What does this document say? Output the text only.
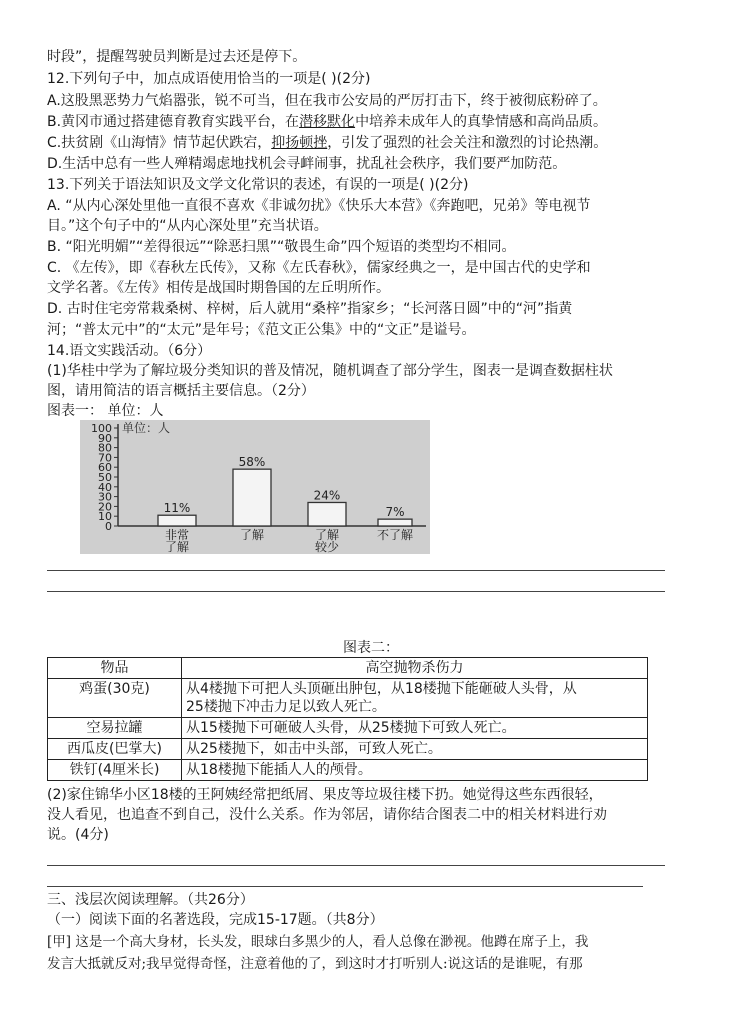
时段”，提醒驾驶员判断是过去还是停下。
12.下列句子中，加点成语使用恰当的一项是( )(2分)
A.这股黑恶势力气焰嚣张，锐不可当，但在我市公安局的严厉打击下，终于被彻底粉碎了。
B.黄冈市通过搭建德育教育实践平台，在潜移默化中培养未成年人的真挚情感和高尚品质。
C.扶贫剧《山海情》情节起伏跌宕，抑扬顿挫，引发了强烈的社会关注和激烈的讨论热潮。
D.生活中总有一些人殚精竭虑地找机会寻衅闹事，扰乱社会秩序，我们要严加防范。
13.下列关于语法知识及文学文化常识的表述，有误的一项是( )(2分)
A. “从内心深处里他一直很不喜欢《非诚勿扰》《快乐大本营》《奔跑吧，兄弟》等电视节
目。”这个句子中的“从内心深处里”充当状语。
B. “阳光明媚”“差得很远”“除恶扫黑”“敬畏生命”四个短语的类型均不相同。
C. 《左传》，即《春秋左氏传》，又称《左氏春秋》，儒家经典之一，是中国古代的史学和
文学名著。《左传》相传是战国时期鲁国的左丘明所作。
D. 古时住宅旁常栽桑树、梓树，后人就用“桑梓”指家乡；“长河落日圆”中的“河”指黄
河；“普太元中”的“太元”是年号；《范文正公集》中的“文正”是谥号。
14.语文实践活动。（6分）
(1)华桂中学为了解垃圾分类知识的普及情况，随机调查了部分学生，图表一是调查数据柱状
图，请用简洁的语言概括主要信息。（2分）
图表一： 单位：人
单位：人
0
10
20
30
40
50
60
70
80
90
100
11%
非常
了解
58%
了解
24%
了解
较少
7%
不了解
图表二：
物品	高空抛物杀伤力
鸡蛋(30克)	从4楼抛下可把人头顶砸出肿包，从18楼抛下能砸破人头骨，从
25楼抛下冲击力足以致人死亡。

空易拉罐	从15楼抛下可砸破人头骨，从25楼抛下可致人死亡。
西瓜皮(巴掌大)	从25楼抛下，如击中头部，可致人死亡。
铁钉(4厘米长)	从18楼抛下能插人人的颅骨。
(2)家住锦华小区18楼的王阿姨经常把纸屑、果皮等垃圾往楼下扔。她觉得这些东西很轻，
没人看见，也追查不到自己，没什么关系。作为邻居，请你结合图表二中的相关材料进行劝
说。(4分)
三、浅层次阅读理解。（共26分）
（一）阅读下面的名著选段，完成15-17题。（共8分）
[甲] 这是一个高大身材，长头发，眼球白多黑少的人，看人总像在渺视。他蹲在席子上，我
发言大抵就反对;我早觉得奇怪，注意着他的了，到这时才打听别人:说这话的是谁呢，有那
